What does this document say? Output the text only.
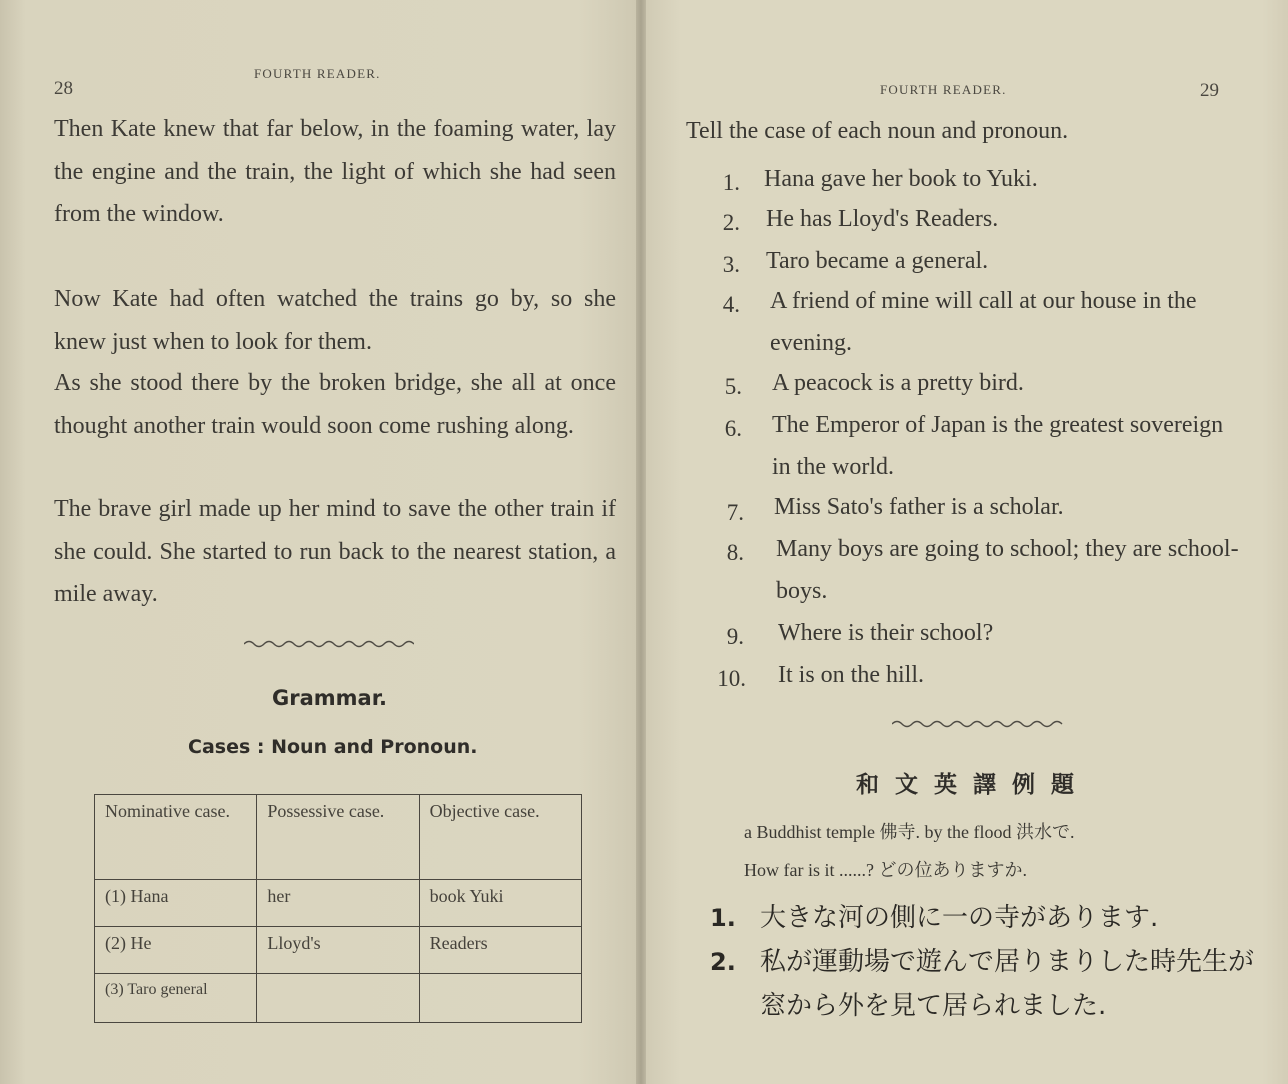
28
FOURTH READER.
Then Kate knew that far below, in the foaming water, lay the engine and the train, the light of which she had seen from the window.
Now Kate had often watched the trains go by, so she knew just when to look for them.
As she stood there by the broken bridge, she all at once thought another train would soon come rushing along.
The brave girl made up her mind to save the other train if she could. She started to run back to the nearest station, a mile away.
Grammar.
Cases : Noun and Pronoun.
Nominative case.	Possessive case.	Objective case.
(1) Hana	her	book Yuki
(2) He	Lloyd's	Readers
(3) Taro general		
FOURTH READER.	29
Tell the case of each noun and pronoun.
1. Hana gave her book to Yuki.
2. He has Lloyd's Readers.
3. Taro became a general.
4. A friend of mine will call at our house in the evening.
5. A peacock is a pretty bird.
6. The Emperor of Japan is the greatest sovereign in the world.
7. Miss Sato's father is a scholar.
8. Many boys are going to school; they are school-boys.
9. Where is their school?
10. It is on the hill.
和 文 英 譯 例 題
a Buddhist temple 佛寺. by the flood 洪水で.
How far is it ......? どの位ありますか.
1. 大きな河の側に一の寺があります.
2. 私が運動場で遊んで居りまりした時先生が窓から外を見て居られました.
